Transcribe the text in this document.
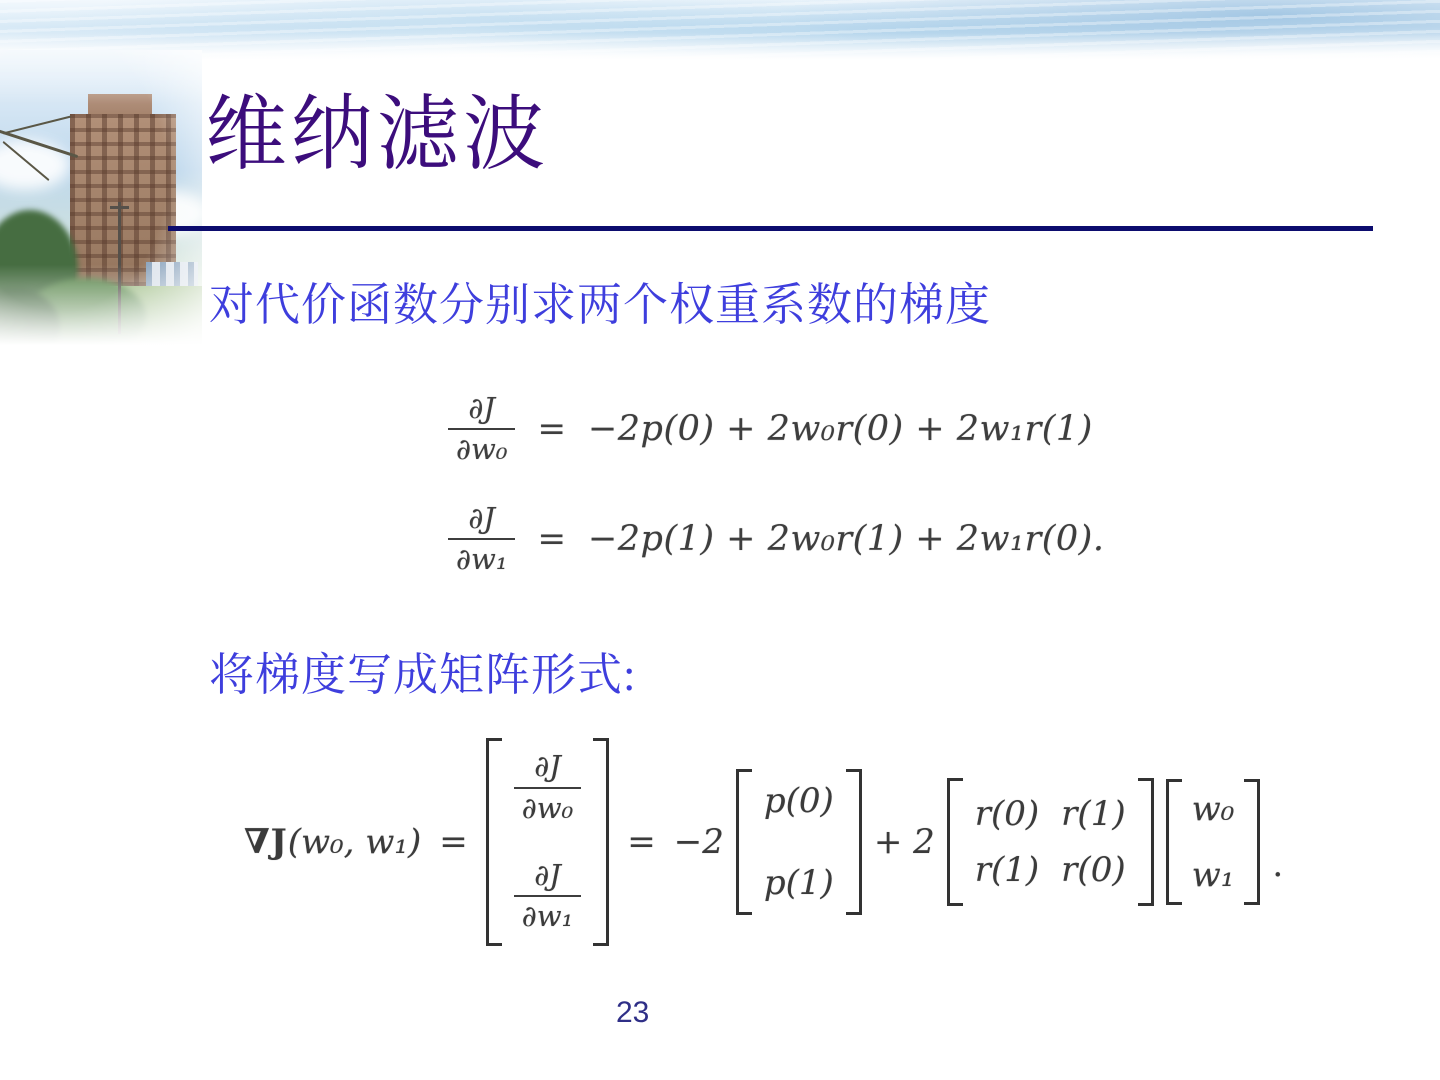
维纳滤波

对代价函数分别求两个权重系数的梯度

$\frac{\partial J}{\text{∂w₀}} = -2p(0) + 2w_0r(0) + 2w_1r(1)$
$\frac{\partial J}{\text{∂w₁}} = -2p(1) + 2w_0r(1) + 2w_1r(0)$.

将梯度写成矩阵形式:

∇J(w₀, w₁) =
$\frac{\partial J}{\text{∂w₀}}$
$\frac{\partial J}{\text{∂w₁}}$
= −2
p(0)
p(1)
+ 2
r(0) r(1)
r(1) r(0)
w₀
w₁ .
23
